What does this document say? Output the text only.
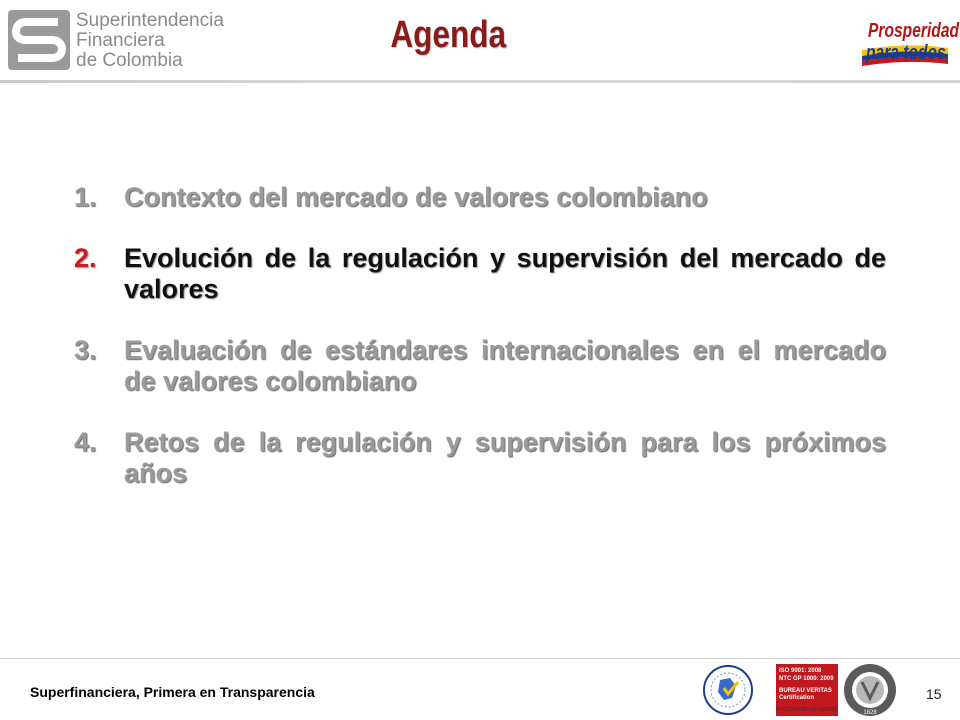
Superintendencia
Financiera
de Colombia
Agenda	Prosperidad
para todos
1. Contexto del mercado de valores colombiano
2. Evolución de la regulación y supervisión del mercado de valores
3. Evaluación de estándares internacionales en el mercado de valores colombiano
4. Retos de la regulación y supervisión para los próximos años
Superfinanciera, Primera en Transparencia
ISO 9001: 2008
NTC GP 1000: 2009
BUREAU VERITAS
Certification
N° CO234339 / N° GP0153	1828
15
